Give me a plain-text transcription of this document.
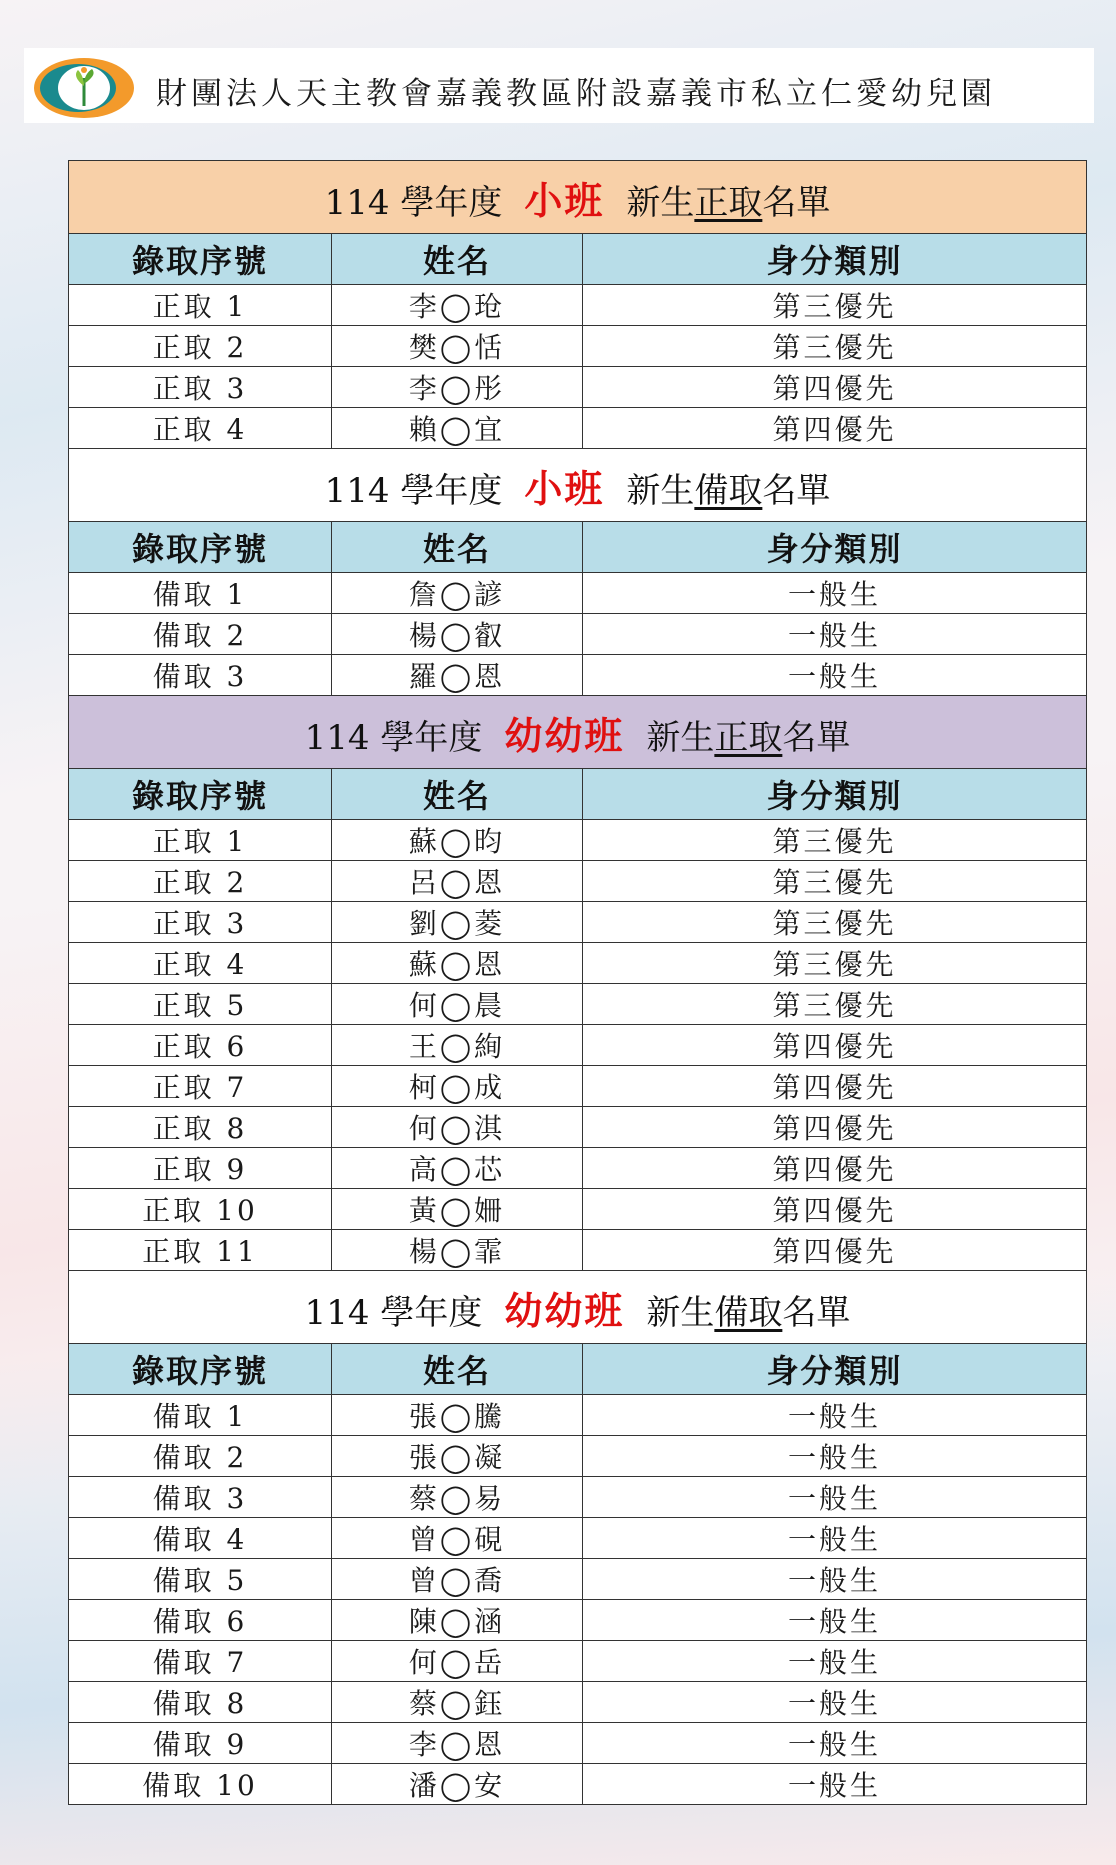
財團法人天主教會嘉義教區附設嘉義市私立仁愛幼兒園
114 學年度 小班 新生正取名單		
錄取序號	姓名	身分類別
正取 1	李◯玱	第三優先
正取 2	樊◯恬	第三優先
正取 3	李◯彤	第四優先
正取 4	賴◯宜	第四優先
114 學年度 小班 新生備取名單		
錄取序號	姓名	身分類別
備取 1	詹◯諺	一般生
備取 2	楊◯叡	一般生
備取 3	羅◯恩	一般生
114 學年度 幼幼班 新生正取名單		
錄取序號	姓名	身分類別
正取 1	蘇◯昀	第三優先
正取 2	呂◯恩	第三優先
正取 3	劉◯菱	第三優先
正取 4	蘇◯恩	第三優先
正取 5	何◯晨	第三優先
正取 6	王◯絢	第四優先
正取 7	柯◯成	第四優先
正取 8	何◯淇	第四優先
正取 9	高◯芯	第四優先
正取 10	黃◯姍	第四優先
正取 11	楊◯霏	第四優先
114 學年度 幼幼班 新生備取名單		
錄取序號	姓名	身分類別
備取 1	張◯騰	一般生
備取 2	張◯凝	一般生
備取 3	蔡◯易	一般生
備取 4	曾◯硯	一般生
備取 5	曾◯喬	一般生
備取 6	陳◯涵	一般生
備取 7	何◯岳	一般生
備取 8	蔡◯鈺	一般生
備取 9	李◯恩	一般生
備取 10	潘◯安	一般生
